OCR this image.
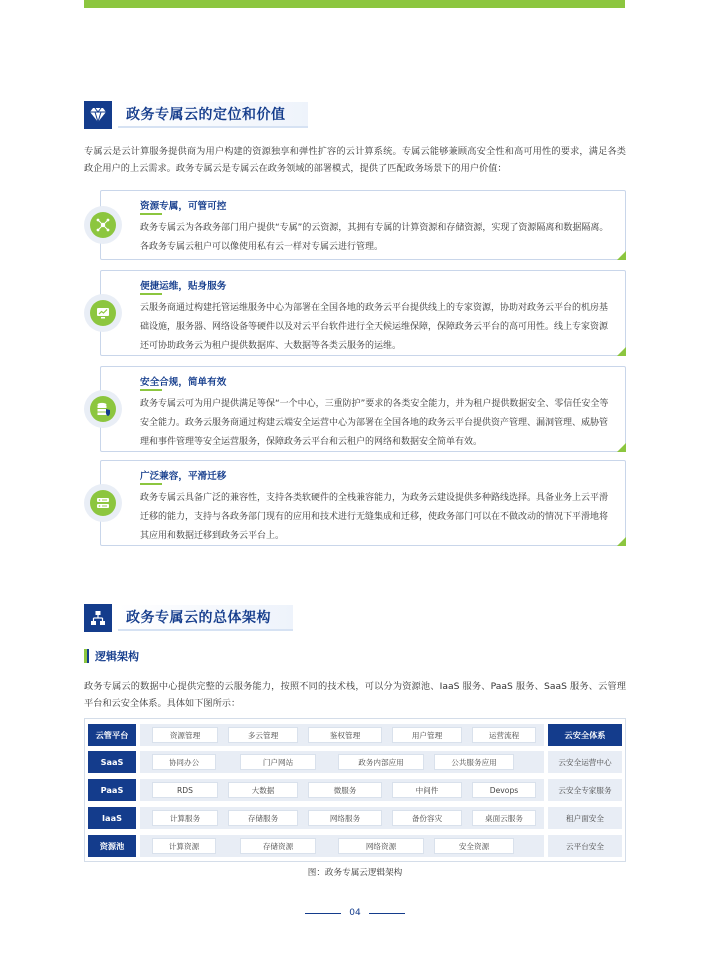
政务专属云的定位和价值

专属云是云计算服务提供商为用户构建的资源独享和弹性扩容的云计算系统。专属云能够兼顾高安全性和高可用性的要求，满足各类政企用户的上云需求。政务专属云是专属云在政务领域的部署模式，提供了匹配政务场景下的用户价值：

资源专属，可管可控
政务专属云为各政务部门用户提供“专属”的云资源，其拥有专属的计算资源和存储资源，实现了资源隔离和数据隔离。各政务专属云租户可以像使用私有云一样对专属云进行管理。
便捷运维，贴身服务
云服务商通过构建托管运维服务中心为部署在全国各地的政务云平台提供线上的专家资源，协助对政务云平台的机房基础设施，服务器、网络设备等硬件以及对云平台软件进行全天候运维保障，保障政务云平台的高可用性。线上专家资源还可协助政务云为租户提供数据库、大数据等各类云服务的运维。
安全合规，简单有效
政务专属云可为用户提供满足等保“一个中心，三重防护”要求的各类安全能力，并为租户提供数据安全、零信任安全等安全能力。政务云服务商通过构建云端安全运营中心为部署在全国各地的政务云平台提供资产管理、漏洞管理、威胁管理和事件管理等安全运营服务，保障政务云平台和云租户的网络和数据安全简单有效。
广泛兼容，平滑迁移
政务专属云具备广泛的兼容性，支持各类软硬件的全栈兼容能力，为政务云建设提供多种路线选择。具备业务上云平滑迁移的能力，支持与各政务部门现有的应用和技术进行无缝集成和迁移，使政务部门可以在不做改动的情况下平滑地将其应用和数据迁移到政务云平台上。
政务专属云的总体架构
逻辑架构

政务专属云的数据中心提供完整的云服务能力，按照不同的技术栈，可以分为资源池、IaaS 服务、PaaS 服务、SaaS 服务、云管理平台和云安全体系。具体如下图所示：

云管平台	资源管理	多云管理	鉴权管理	用户管理	运营流程	云安全体系
SaaS	协同办公	门户网站	政务内部应用	公共服务应用	云安全运营中心
PaaS	RDS	大数据	微服务	中间件	Devops	云安全专家服务
IaaS	计算服务	存储服务	网络服务	备份容灾	桌面云服务	租户面安全
资源池	计算资源	存储资源	网络资源	安全资源	云平台安全
图：政务专属云逻辑架构
04
